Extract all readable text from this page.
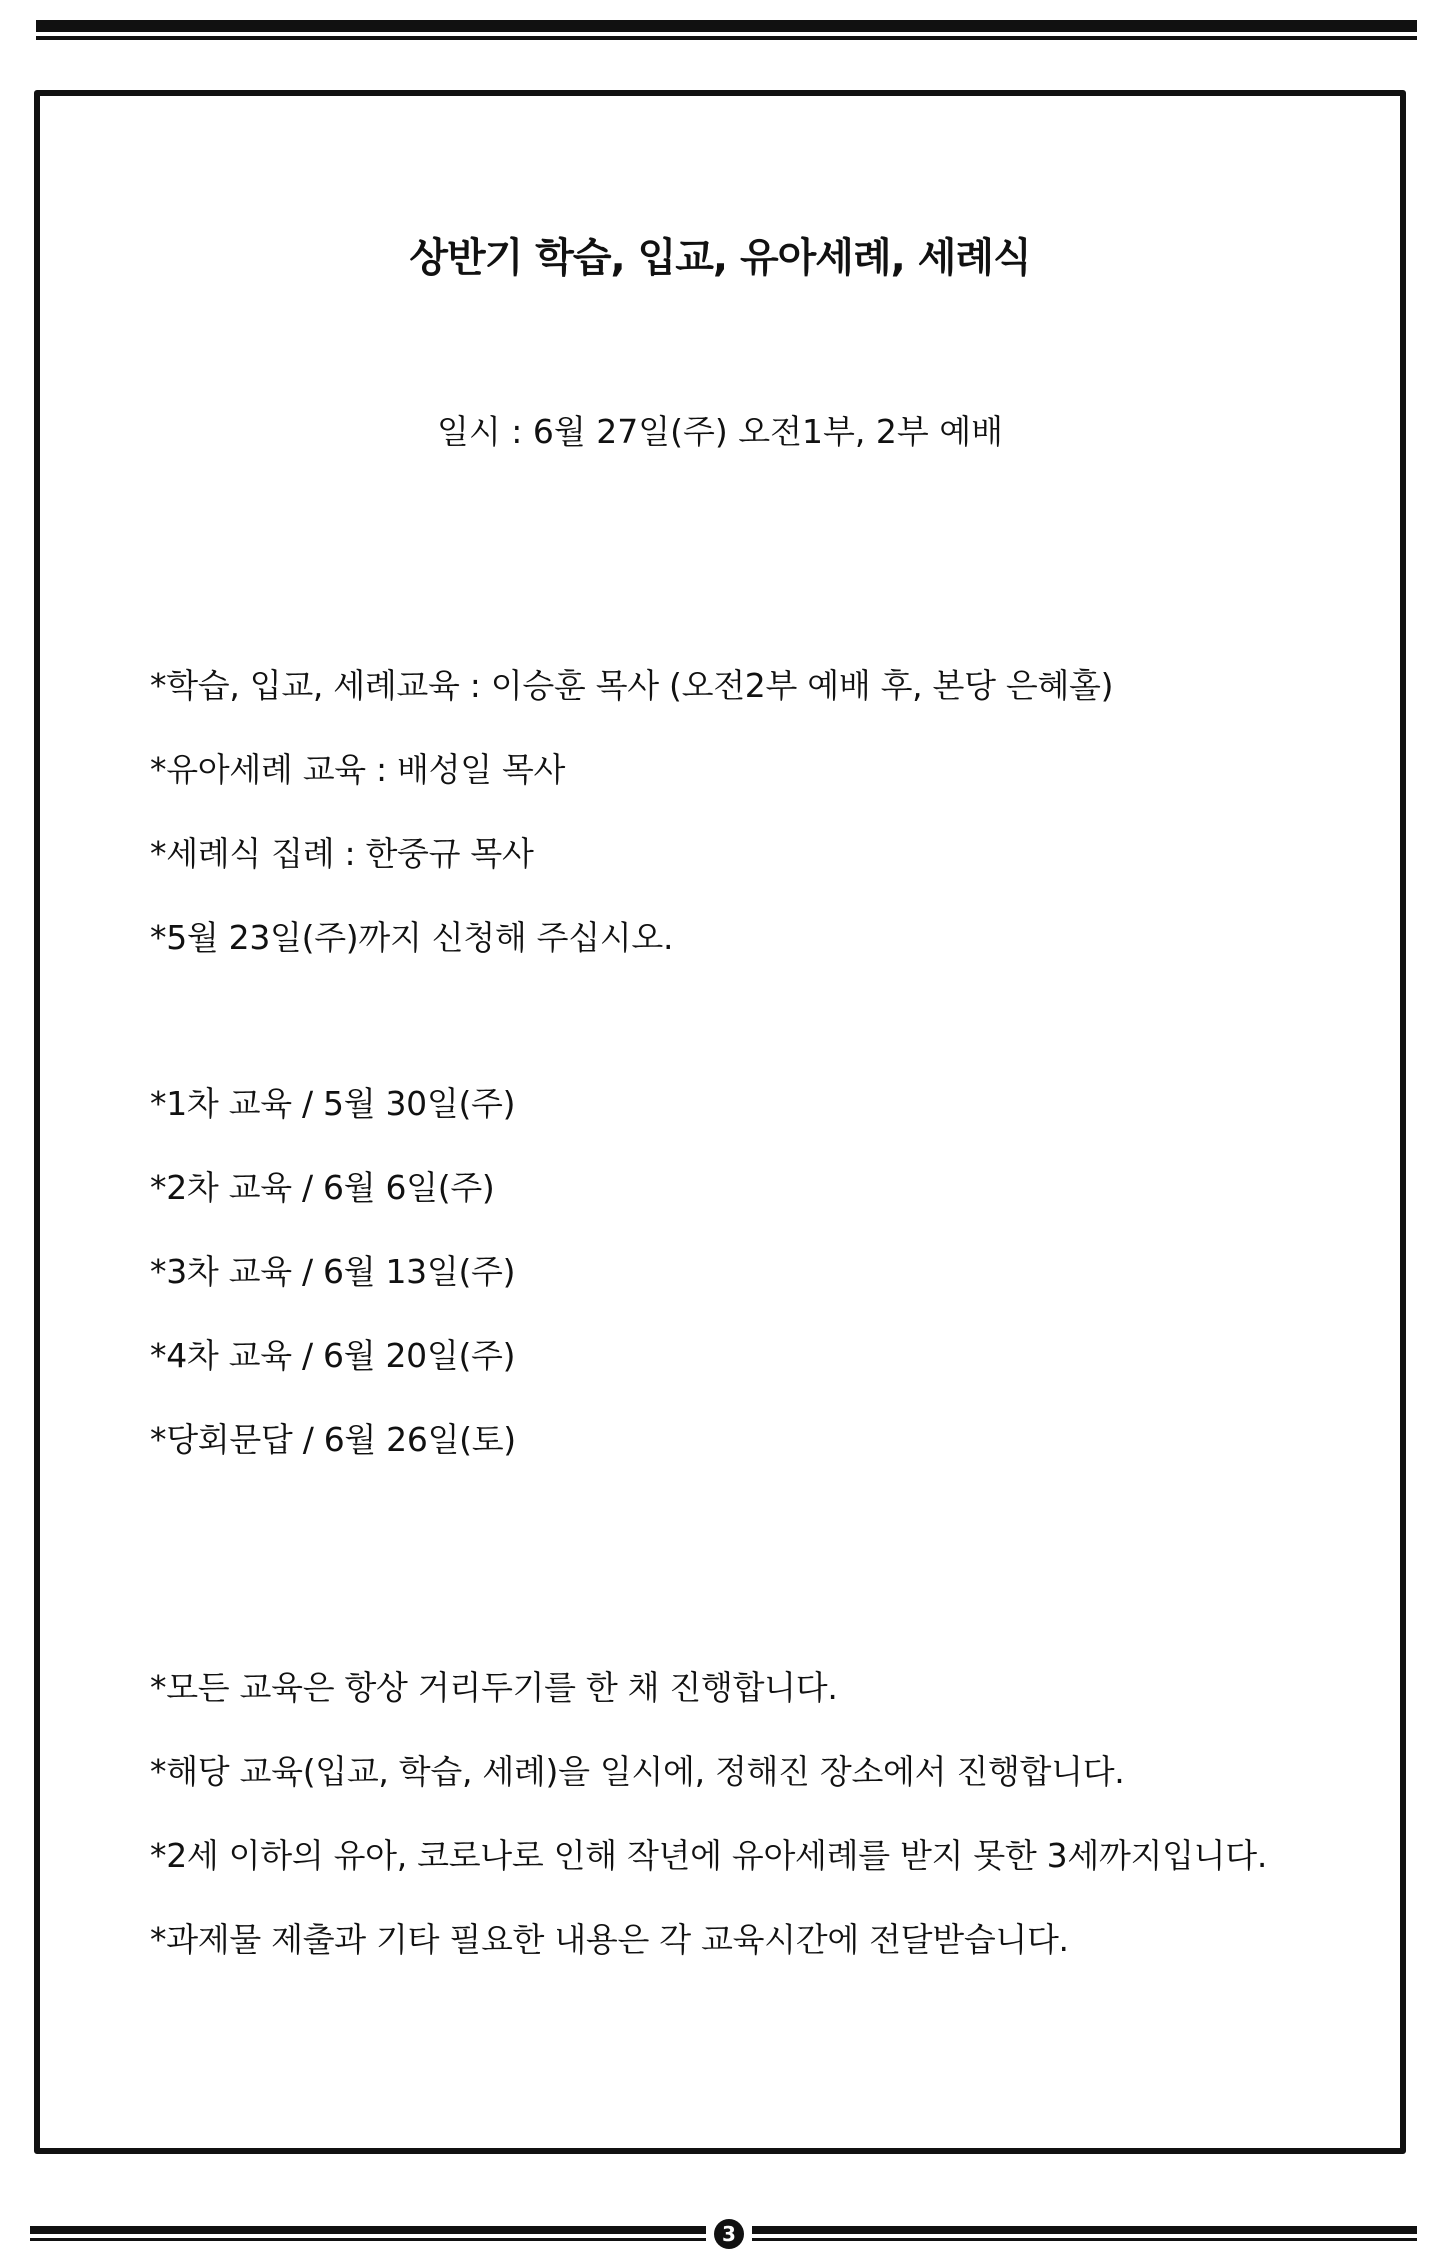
상반기 학습, 입교, 유아세례, 세례식
일시 : 6월 27일(주) 오전1부, 2부 예배
*학습, 입교, 세례교육 : 이승훈 목사 (오전2부 예배 후, 본당 은혜홀)
*유아세례 교육 : 배성일 목사
*세례식 집례 : 한중규 목사
*5월 23일(주)까지 신청해 주십시오.
*1차 교육 / 5월 30일(주)
*2차 교육 / 6월 6일(주)
*3차 교육 / 6월 13일(주)
*4차 교육 / 6월 20일(주)
*당회문답 / 6월 26일(토)
*모든 교육은 항상 거리두기를 한 채 진행합니다.
*해당 교육(입교, 학습, 세례)을 일시에, 정해진 장소에서 진행합니다.
*2세 이하의 유아, 코로나로 인해 작년에 유아세례를 받지 못한 3세까지입니다.
*과제물 제출과 기타 필요한 내용은 각 교육시간에 전달받습니다.
3
